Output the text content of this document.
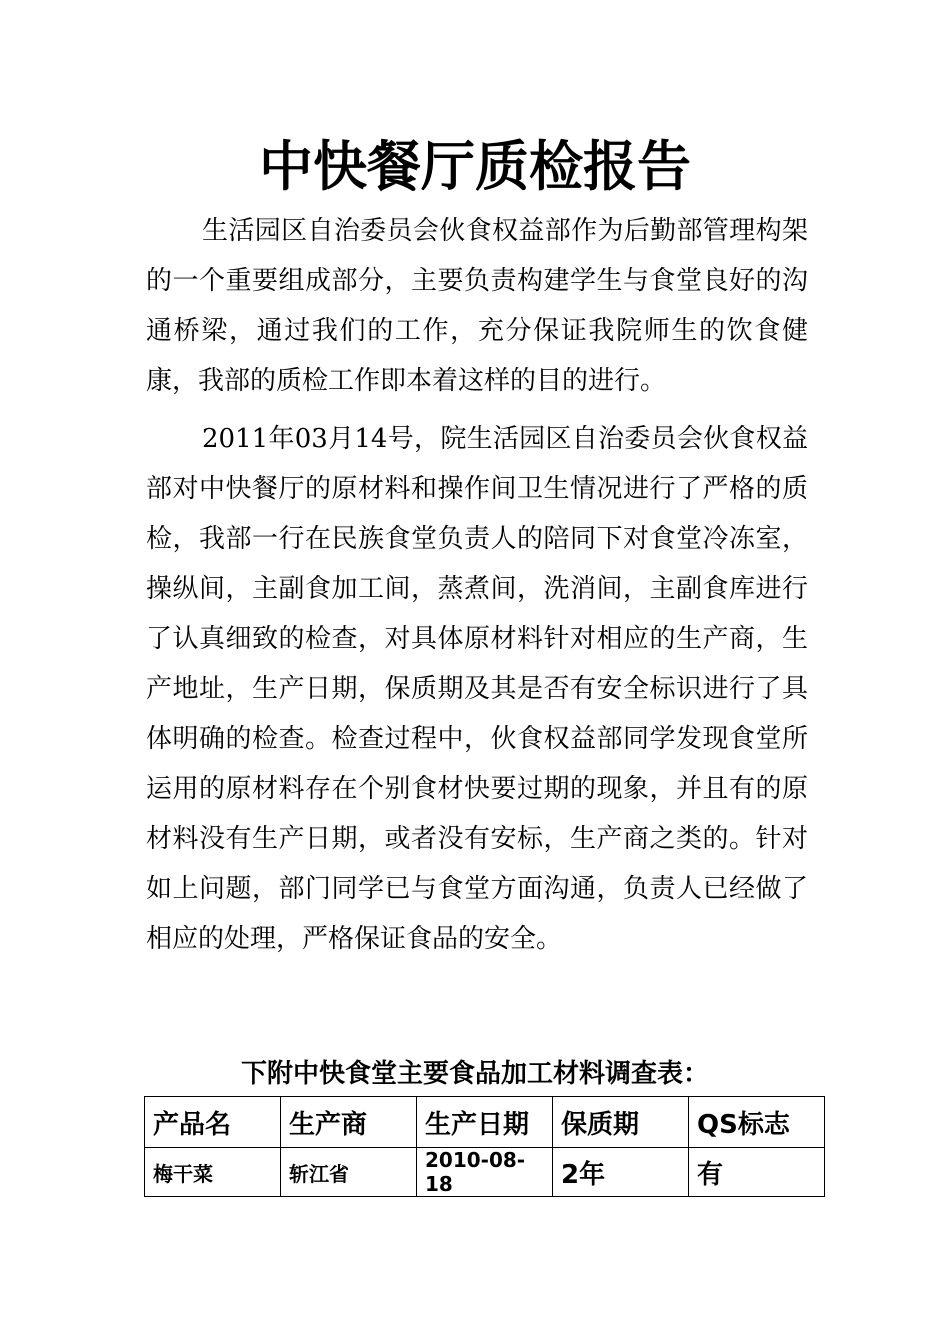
中快餐厅质检报告

生活园区自治委员会伙食权益部作为后勤部管理构架的一个重要组成部分，主要负责构建学生与食堂良好的沟通桥梁，通过我们的工作，充分保证我院师生的饮食健康，我部的质检工作即本着这样的目的进行。

2011年03月14号，院生活园区自治委员会伙食权益部对中快餐厅的原材料和操作间卫生情况进行了严格的质检，我部一行在民族食堂负责人的陪同下对食堂冷冻室，操纵间，主副食加工间，蒸煮间，洗消间，主副食库进行了认真细致的检查，对具体原材料针对相应的生产商，生产地址，生产日期，保质期及其是否有安全标识进行了具体明确的检查。检查过程中，伙食权益部同学发现食堂所运用的原材料存在个别食材快要过期的现象，并且有的原材料没有生产日期，或者没有安标，生产商之类的。针对如上问题，部门同学已与食堂方面沟通，负责人已经做了相应的处理，严格保证食品的安全。

下附中快食堂主要食品加工材料调查表：
产品名	生产商	生产日期	保质期	QS标志
梅干菜	斩江省	2010-08-18	2年	有
